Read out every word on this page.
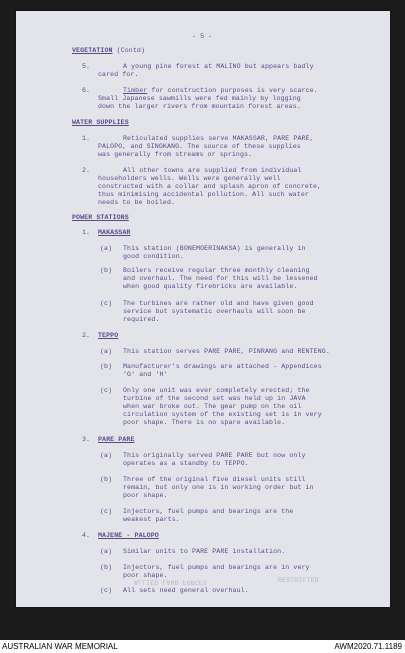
- 5 -
VEGETATION (Contd)
5.	A young pine forest at MALINO but appears badly
cared for.
6.	Timber for construction purposes is very scarce.
Small Japanese sawmills were fed mainly by logging
down the larger rivers from mountain forest areas.
WATER SUPPLIES
1.	Reticulated supplies serve MAKASSAR, PARE PARE,
PALOPO, and SINGKANG. The source of these supplies
was generally from streams or springs.
2.	All other towns are supplied from individual
householders wells. Wells were generally well
constructed with a collar and splash apron of concrete,
thus minimising accidental pollution. All such water
needs to be boiled.
POWER STATIONS
1. MAKASSAR
(a) This station (BONEMOERINAKSA) is generally in
good condition.
(b) Boilers receive regular three monthly cleaning
and overhaul. The need for this will be lessened
when good quality firebricks are available.
(c) The turbines are rather old and have given good
service but systematic overhauls will soon be
required.
2. TEPPO
(a) This station serves PARE PARE, PINRANG and RENTENG.
(b) Manufacturer's drawings are attached - Appendices
'G' and 'H'
(c) Only one unit was ever completely erected; the
turbine of the second set was held up in JAVA
when war broke out. The gear pump on the oil
circulation system of the existing set is in very
poor shape. There is no spare available.
3. PARE PARE
(a) This originally served PARE PARE but now only
operates as a standby to TEPPO.
(b) Three of the original five diesel units still
remain, but only one is in working order but in
poor shape.
(c) Injectors, fuel pumps and bearings are the
weakest parts.
4. MAJENE - PALOPO
(a) Similar units to PARE PARE installation.
(b) Injectors, fuel pumps and bearings are in very
poor shape.
ALLIED LAND FORCES	RESTRICTED
(c) All sets need general overhaul.
AUSTRALIAN WAR MEMORIAL	AWM2020.71.1189
